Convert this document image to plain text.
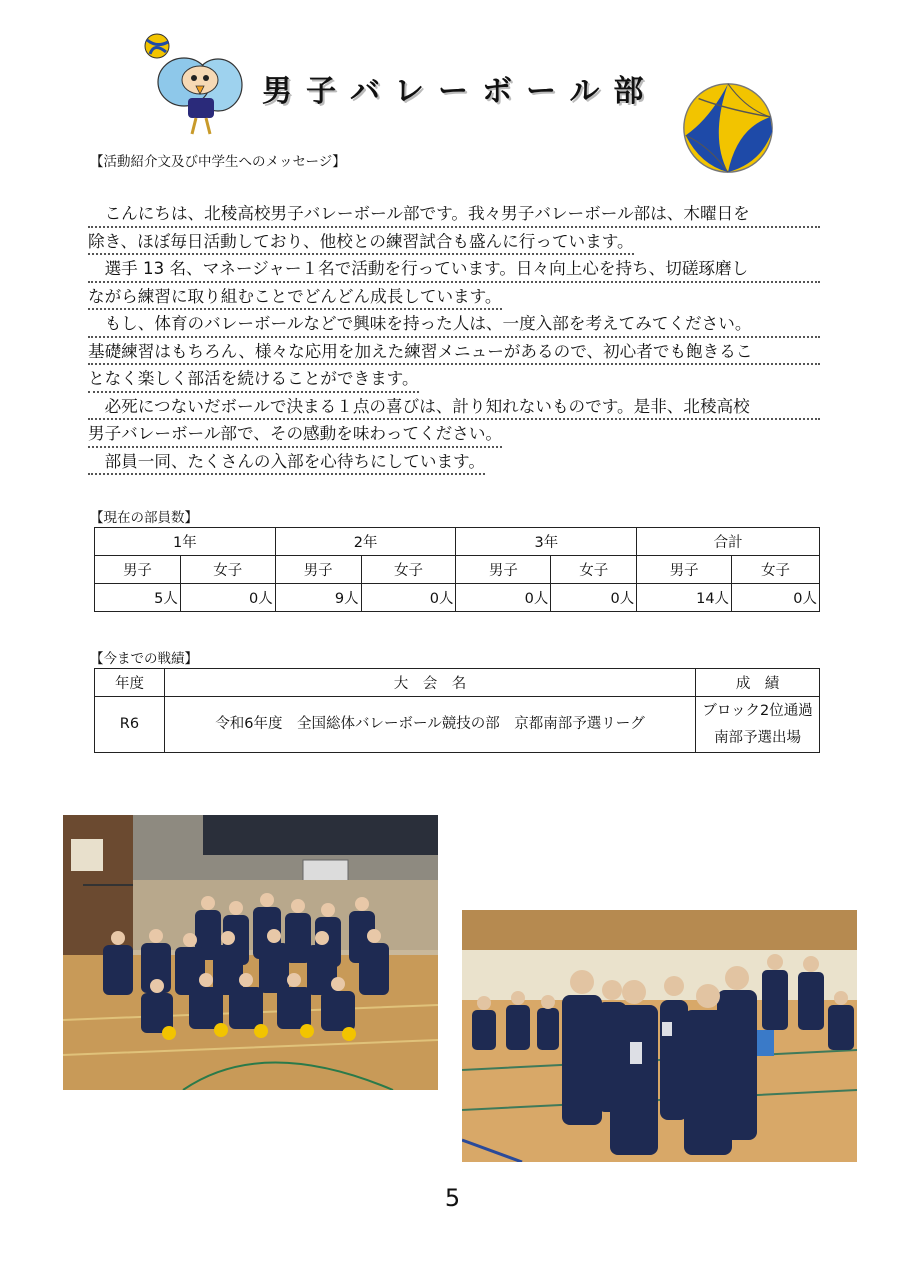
男子バレーボール部
【活動紹介文及び中学生へのメッセージ】
　こんにちは、北稜高校男子バレーボール部です。我々男子バレーボール部は、木曜日を
除き、ほぼ毎日活動しており、他校との練習試合も盛んに行っています。
　選手 13 名、マネージャー１名で活動を行っています。日々向上心を持ち、切磋琢磨し
ながら練習に取り組むことでどんどん成長しています。
　もし、体育のバレーボールなどで興味を持った人は、一度入部を考えてみてください。
基礎練習はもちろん、様々な応用を加えた練習メニューがあるので、初心者でも飽きるこ
となく楽しく部活を続けることができます。
　必死につないだボールで決まる１点の喜びは、計り知れないものです。是非、北稜高校
男子バレーボール部で、その感動を味わってください。
　部員一同、たくさんの入部を心待ちにしています。
【現在の部員数】
1年		2年		3年		合計	
男子	女子	男子	女子	男子	女子	男子	女子
5人	0人	9人	0人	0人	0人	14人	0人
【今までの戦績】
年度	大　会　名	成　績
R6	令和6年度　全国総体バレーボール競技の部　京都南部予選リーグ	ブロック2位通過
南部予選出場
5
